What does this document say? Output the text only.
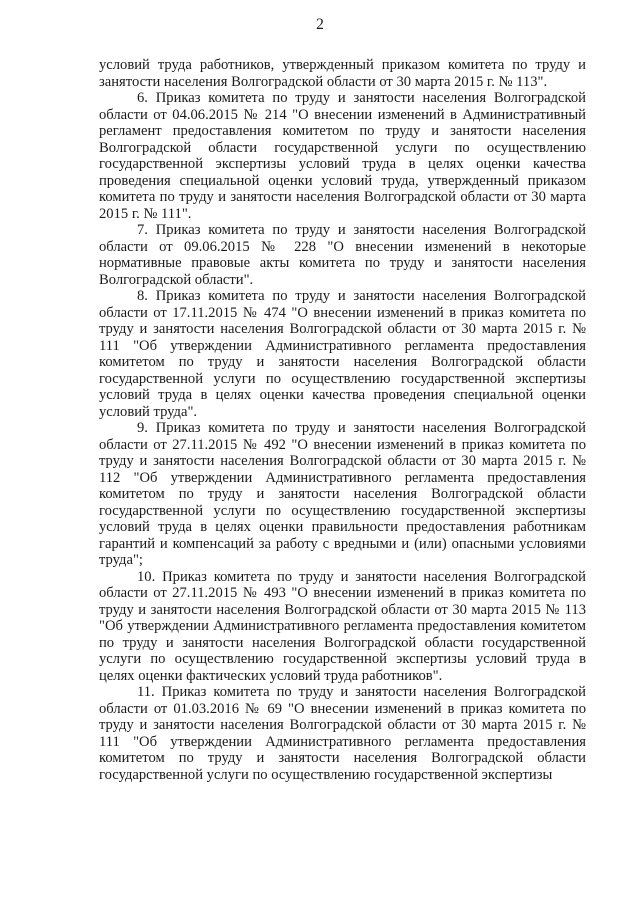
2

условий труда работников, утвержденный приказом комитета по труду и занятости населения Волгоградской области от 30 марта 2015 г. № 113".

6. Приказ комитета по труду и занятости населения Волгоградской области от 04.06.2015 № 214 "О внесении изменений в Административный регламент предоставления комитетом по труду и занятости населения Волгоградской области государственной услуги по осуществлению государственной экспертизы условий труда в целях оценки качества проведения специальной оценки условий труда, утвержденный приказом комитета по труду и занятости населения Волгоградской области от 30 марта 2015 г. № 111".

7. Приказ комитета по труду и занятости населения Волгоградской области от 09.06.2015 № 228 "О внесении изменений в некоторые нормативные правовые акты комитета по труду и занятости населения Волгоградской области".

8. Приказ комитета по труду и занятости населения Волгоградской области от 17.11.2015 № 474 "О внесении изменений в приказ комитета по труду и занятости населения Волгоградской области от 30 марта 2015 г. № 111 "Об утверждении Административного регламента предоставления комитетом по труду и занятости населения Волгоградской области государственной услуги по осуществлению государственной экспертизы условий труда в целях оценки качества проведения специальной оценки условий труда".

9. Приказ комитета по труду и занятости населения Волгоградской области от 27.11.2015 № 492 "О внесении изменений в приказ комитета по труду и занятости населения Волгоградской области от 30 марта 2015 г. № 112 "Об утверждении Административного регламента предоставления комитетом по труду и занятости населения Волгоградской области государственной услуги по осуществлению государственной экспертизы условий труда в целях оценки правильности предоставления работникам гарантий и компенсаций за работу с вредными и (или) опасными условиями труда";

10. Приказ комитета по труду и занятости населения Волгоградской области от 27.11.2015 № 493 "О внесении изменений в приказ комитета по труду и занятости населения Волгоградской области от 30 марта 2015 № 113 "Об утверждении Административного регламента предоставления комитетом по труду и занятости населения Волгоградской области государственной услуги по осуществлению государственной экспертизы условий труда в целях оценки фактических условий труда работников".

11. Приказ комитета по труду и занятости населения Волгоградской области от 01.03.2016 № 69 "О внесении изменений в приказ комитета по труду и занятости населения Волгоградской области от 30 марта 2015 г. № 111 "Об утверждении Административного регламента предоставления комитетом по труду и занятости населения Волгоградской области государственной услуги по осуществлению государственной экспертизы
